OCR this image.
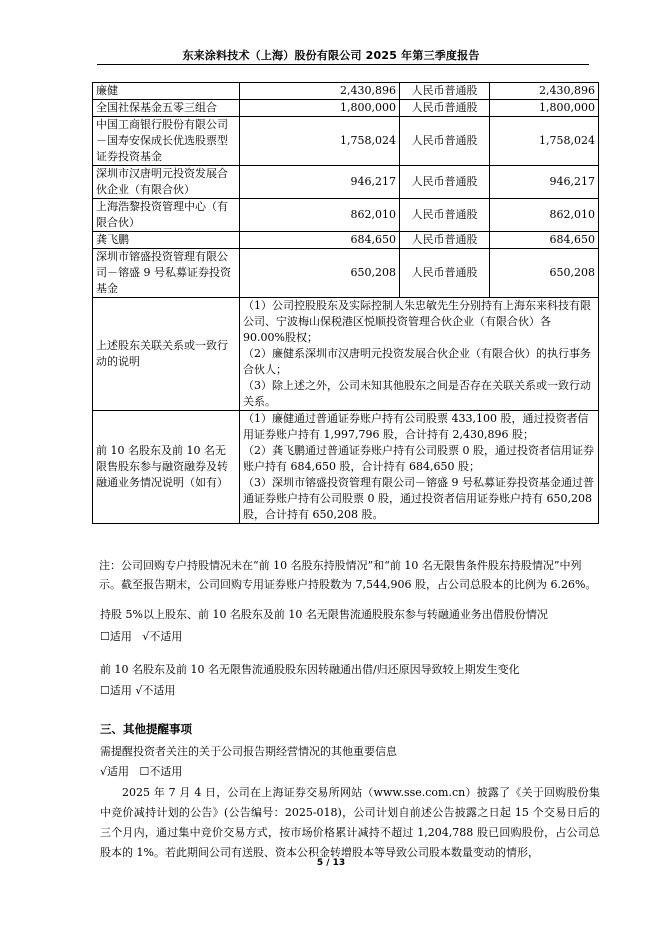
东来涂料技术（上海）股份有限公司 2025 年第三季度报告
廉健	2,430,896	人民币普通股	2,430,896
全国社保基金五零三组合	1,800,000	人民币普通股	1,800,000
中国工商银行股份有限公司－国寿安保成长优选股票型证券投资基金	1,758,024	人民币普通股	1,758,024
深圳市汉唐明元投资发展合伙企业（有限合伙）	946,217	人民币普通股	946,217
上海浩黎投资管理中心（有限合伙）	862,010	人民币普通股	862,010
龚飞鹏	684,650	人民币普通股	684,650
深圳市镕盛投资管理有限公司－镕盛 9 号私募证券投资基金	650,208	人民币普通股	650,208
上述股东关联关系或一致行动的说明	（1）公司控股股东及实际控制人朱忠敏先生分别持有上海东来科技有限公司、宁波梅山保税港区悦顺投资管理合伙企业（有限合伙）各 90.00%股权；
（2）廉健系深圳市汉唐明元投资发展合伙企业（有限合伙）的执行事务合伙人；
（3）除上述之外，公司未知其他股东之间是否存在关联关系或一致行动关系。		

前 10 名股东及前 10 名无限售股东参与融资融券及转融通业务情况说明（如有）	（1）廉健通过普通证券账户持有公司股票 433,100 股，通过投资者信用证券账户持有 1,997,796 股，合计持有 2,430,896 股；
（2）龚飞鹏通过普通证券账户持有公司股票 0 股，通过投资者信用证券账户持有 684,650 股，合计持有 684,650 股；
（3）深圳市镕盛投资管理有限公司－镕盛 9 号私募证券投资基金通过普通证券账户持有公司股票 0 股，通过投资者信用证券账户持有 650,208 股，合计持有 650,208 股。		

注：公司回购专户持股情况未在“前 10 名股东持股情况”和“前 10 名无限售条件股东持股情况”中列示。截至报告期末，公司回购专用证券账户持股数为 7,544,906 股，占公司总股本的比例为 6.26%。

持股 5%以上股东、前 10 名股东及前 10 名无限售流通股股东参与转融通业务出借股份情况
☐适用   √不适用
前 10 名股东及前 10 名无限售流通股股东因转融通出借/归还原因导致较上期发生变化
☐适用 √不适用
三、其他提醒事项
需提醒投资者关注的关于公司报告期经营情况的其他重要信息
√适用   ☐不适用

2025 年 7 月 4 日，公司在上海证券交易所网站（www.sse.com.cn）披露了《关于回购股份集中竞价减持计划的公告》(公告编号：2025-018)，公司计划自前述公告披露之日起 15 个交易日后的三个月内，通过集中竞价交易方式，按市场价格累计减持不超过 1,204,788 股已回购股份，占公司总股本的 1%。若此期间公司有送股、资本公积金转增股本等导致公司股本数量变动的情形，

5 / 13
